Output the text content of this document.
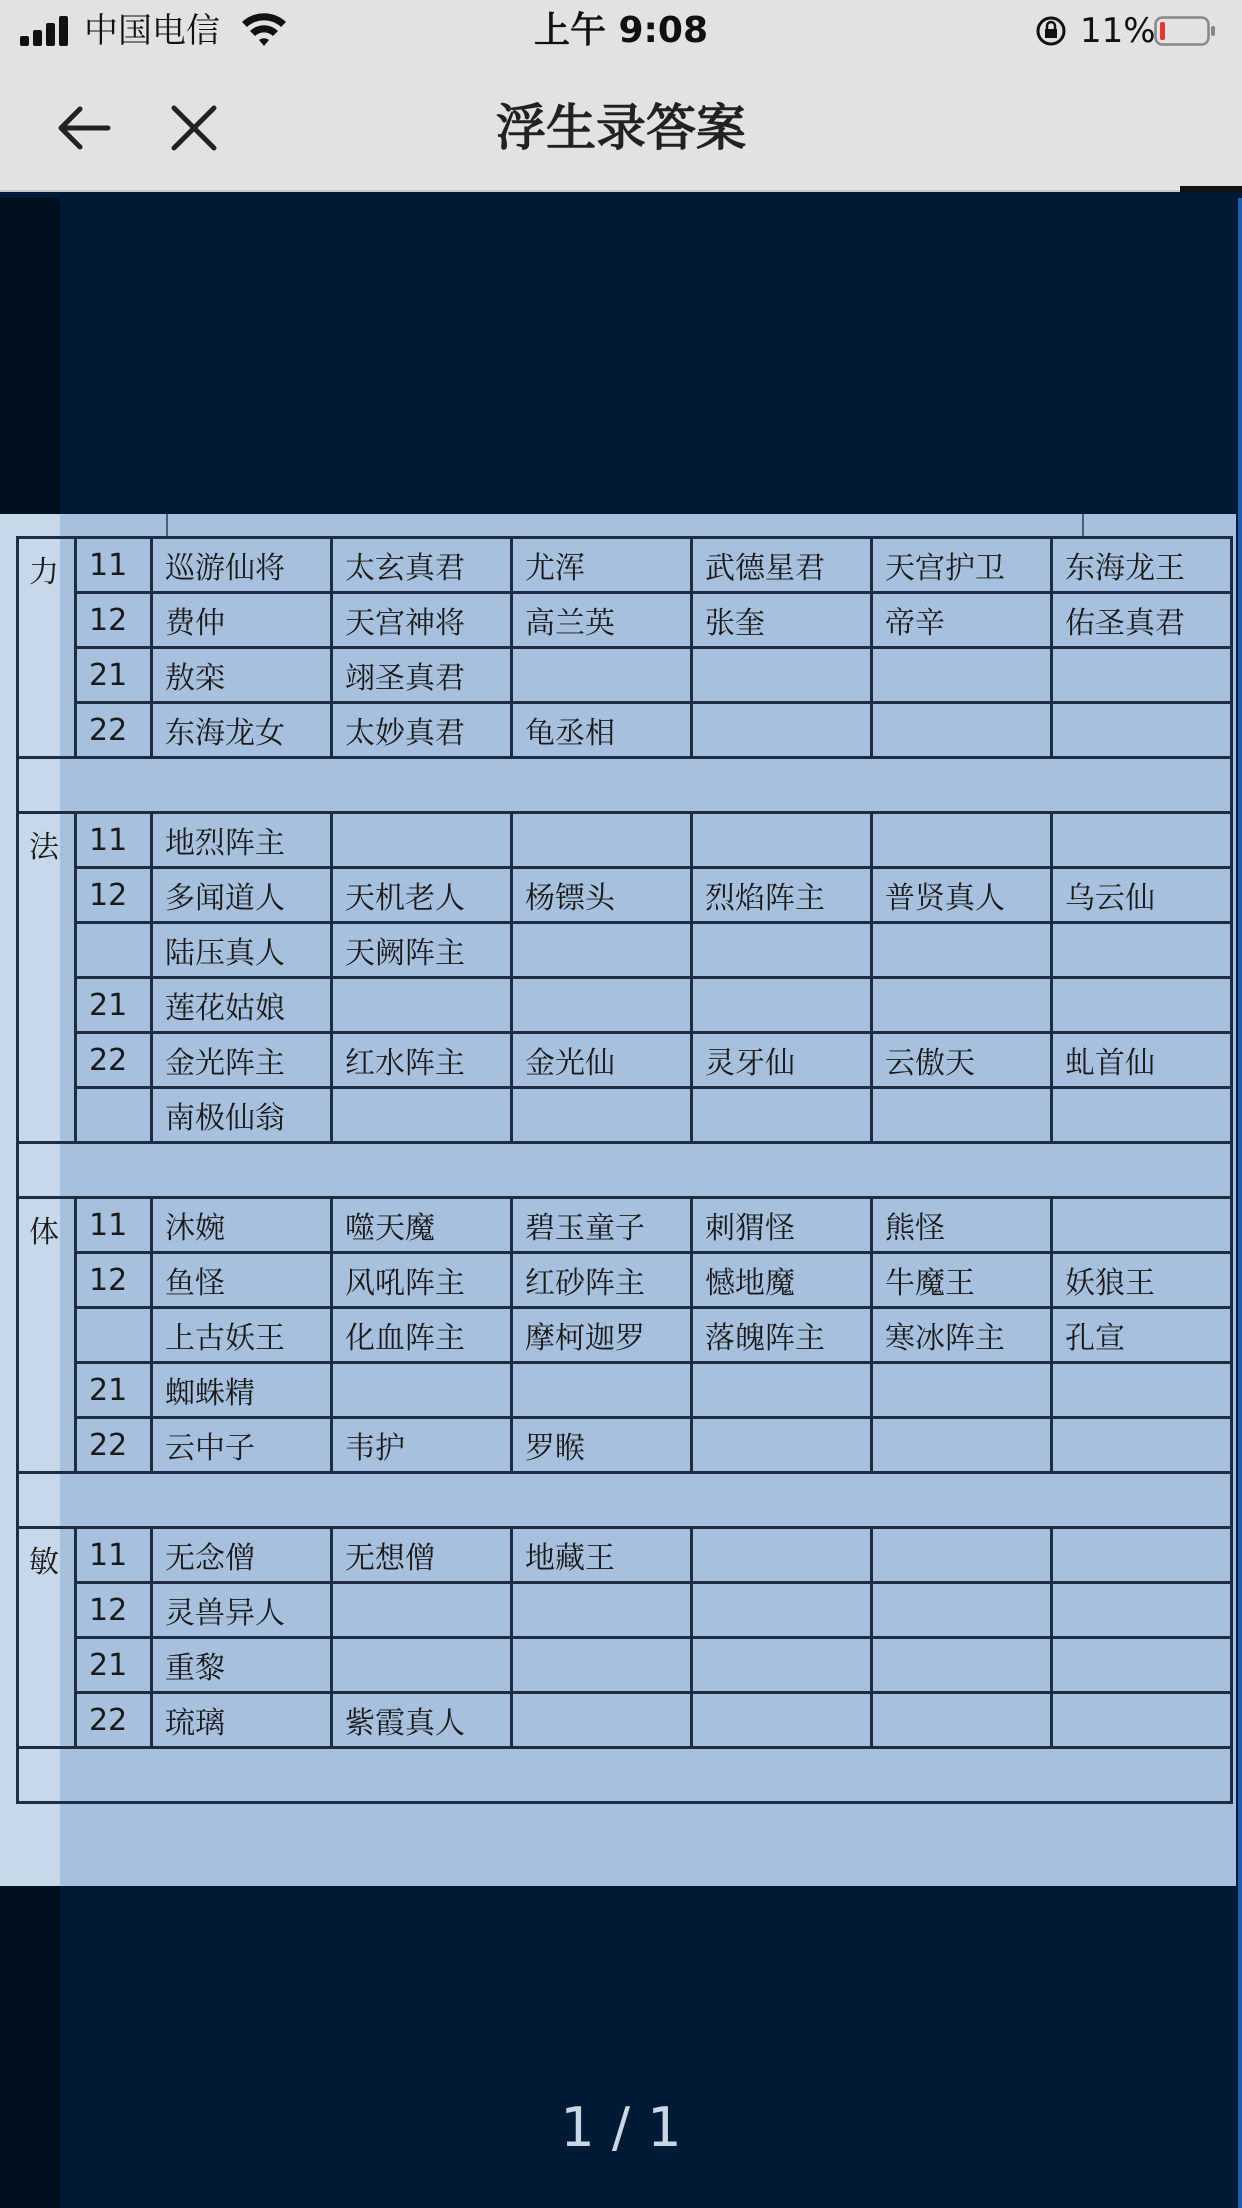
中国电信	上午 9:08	11%
浮生录答案
力	11	巡游仙将	太玄真君	尤浑	武德星君	天宫护卫	东海龙王
	12	费仲	天宫神将	高兰英	张奎	帝辛	佑圣真君
	21	敖栾	翊圣真君				
	22	东海龙女	太妙真君	龟丞相			

法	11	地烈阵主					
	12	多闻道人	天机老人	杨镖头	烈焰阵主	普贤真人	乌云仙
		陆压真人	天阙阵主				
	21	莲花姑娘					
	22	金光阵主	红水阵主	金光仙	灵牙仙	云傲天	虬首仙
		南极仙翁					

体	11	沐婉	噬天魔	碧玉童子	刺猬怪	熊怪	
	12	鱼怪	风吼阵主	红砂阵主	憾地魔	牛魔王	妖狼王
		上古妖王	化血阵主	摩柯迦罗	落魄阵主	寒冰阵主	孔宣
	21	蜘蛛精					
	22	云中子	韦护	罗睺			

敏	11	无念僧	无想僧	地藏王			
	12	灵兽异人					
	21	重黎					
	22	琉璃	紫霞真人				

1 / 1
